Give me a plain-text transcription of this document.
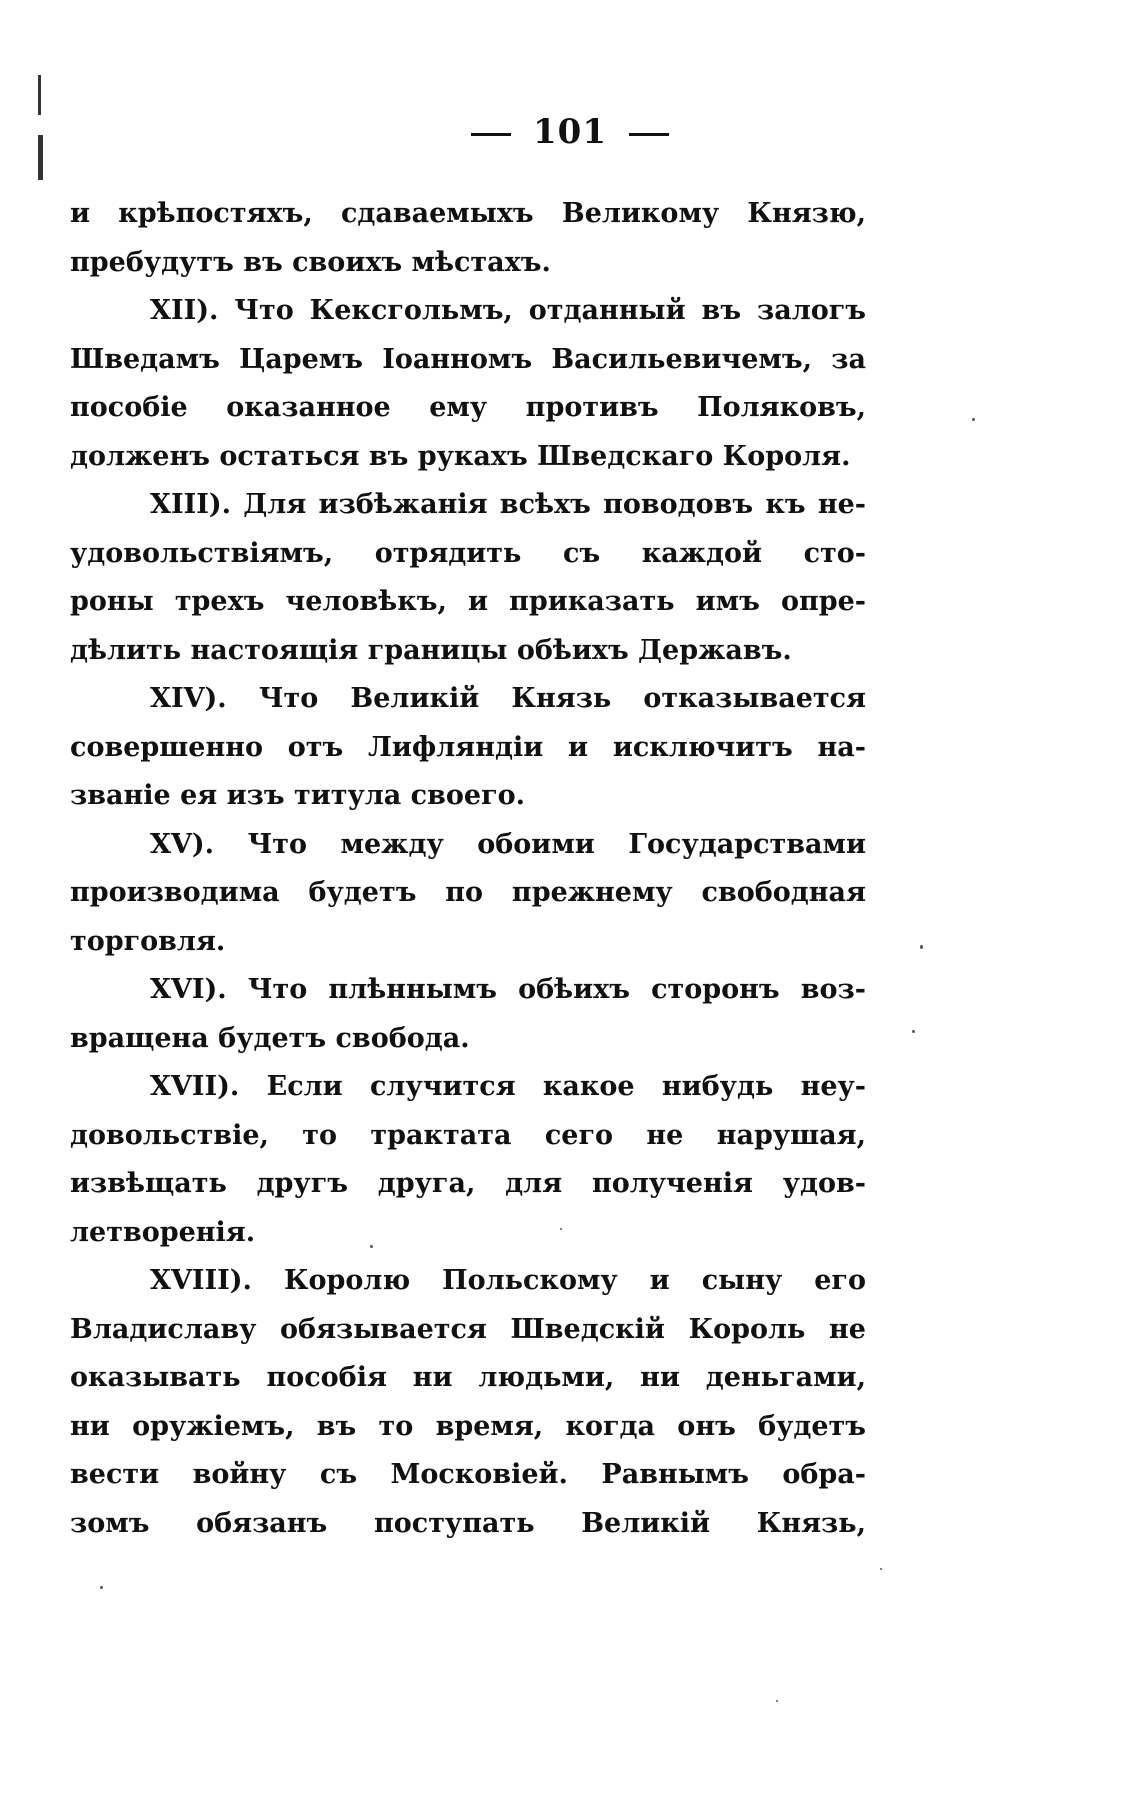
101
и крѣпостяхъ, сдаваемыхъ Великому Князю,
пребудутъ въ своихъ мѣстахъ.
XII). Что Кексгольмъ, отданный въ залогъ
Шведамъ Царемъ Іоанномъ Васильевичемъ, за
пособіе оказанное ему противъ Поляковъ,
долженъ остаться въ рукахъ Шведскаго Короля.
XIII). Для избѣжанія всѣхъ поводовъ къ не-
удовольствіямъ, отрядить съ каждой сто-
роны трехъ человѣкъ, и приказать имъ опре-
дѣлить настоящія границы обѣихъ Державъ.
XIV). Что Великій Князь отказывается
совершенно отъ Лифляндіи и исключитъ на-
званіе ея изъ титула своего.
XV). Что между обоими Государствами
производима будетъ по прежнему свободная
торговля.
XVI). Что плѣннымъ обѣихъ сторонъ воз-
вращена будетъ свобода.
XVII). Если случится какое нибудь неу-
довольствіе, то трактата сего не нарушая,
извѣщать другъ друга, для полученія удов-
летворенія.
XVIII). Королю Польскому и сыну его
Владиславу обязывается Шведскій Король не
оказывать пособія ни людьми, ни деньгами,
ни оружіемъ, въ то время, когда онъ будетъ
вести войну съ Московіей. Равнымъ обра-
зомъ обязанъ поступать Великій Князь,
